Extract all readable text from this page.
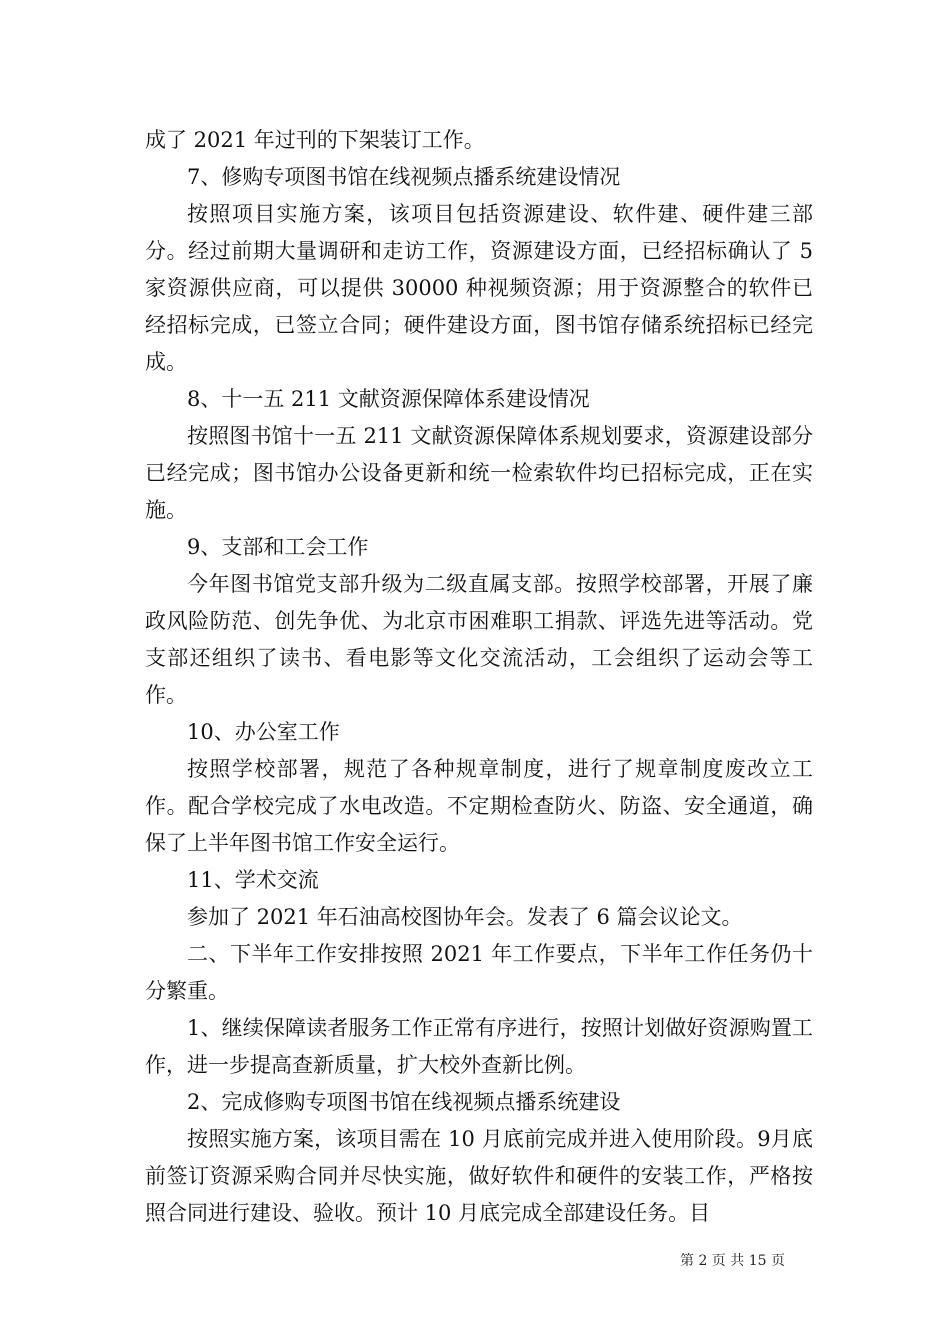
成了 2021 年过刊的下架装订工作。

7、修购专项图书馆在线视频点播系统建设情况

按照项目实施方案，该项目包括资源建设、软件建、硬件建三部分。经过前期大量调研和走访工作，资源建设方面，已经招标确认了 5 家资源供应商，可以提供 30000 种视频资源；用于资源整合的软件已经招标完成，已签立合同；硬件建设方面，图书馆存储系统招标已经完成。

8、十一五 211 文献资源保障体系建设情况

按照图书馆十一五 211 文献资源保障体系规划要求，资源建设部分已经完成；图书馆办公设备更新和统一检索软件均已招标完成，正在实施。

9、支部和工会工作

今年图书馆党支部升级为二级直属支部。按照学校部署，开展了廉政风险防范、创先争优、为北京市困难职工捐款、评选先进等活动。党支部还组织了读书、看电影等文化交流活动，工会组织了运动会等工作。

10、办公室工作

按照学校部署，规范了各种规章制度，进行了规章制度废改立工作。配合学校完成了水电改造。不定期检查防火、防盗、安全通道，确保了上半年图书馆工作安全运行。

11、学术交流

参加了 2021 年石油高校图协年会。发表了 6 篇会议论文。

二、下半年工作安排按照 2021 年工作要点，下半年工作任务仍十分繁重。

1、继续保障读者服务工作正常有序进行，按照计划做好资源购置工作，进一步提高查新质量，扩大校外查新比例。

2、完成修购专项图书馆在线视频点播系统建设

按照实施方案，该项目需在 10 月底前完成并进入使用阶段。9月底前签订资源采购合同并尽快实施，做好软件和硬件的安装工作，严格按照合同进行建设、验收。预计 10 月底完成全部建设任务。目

第 2 页 共 15 页
